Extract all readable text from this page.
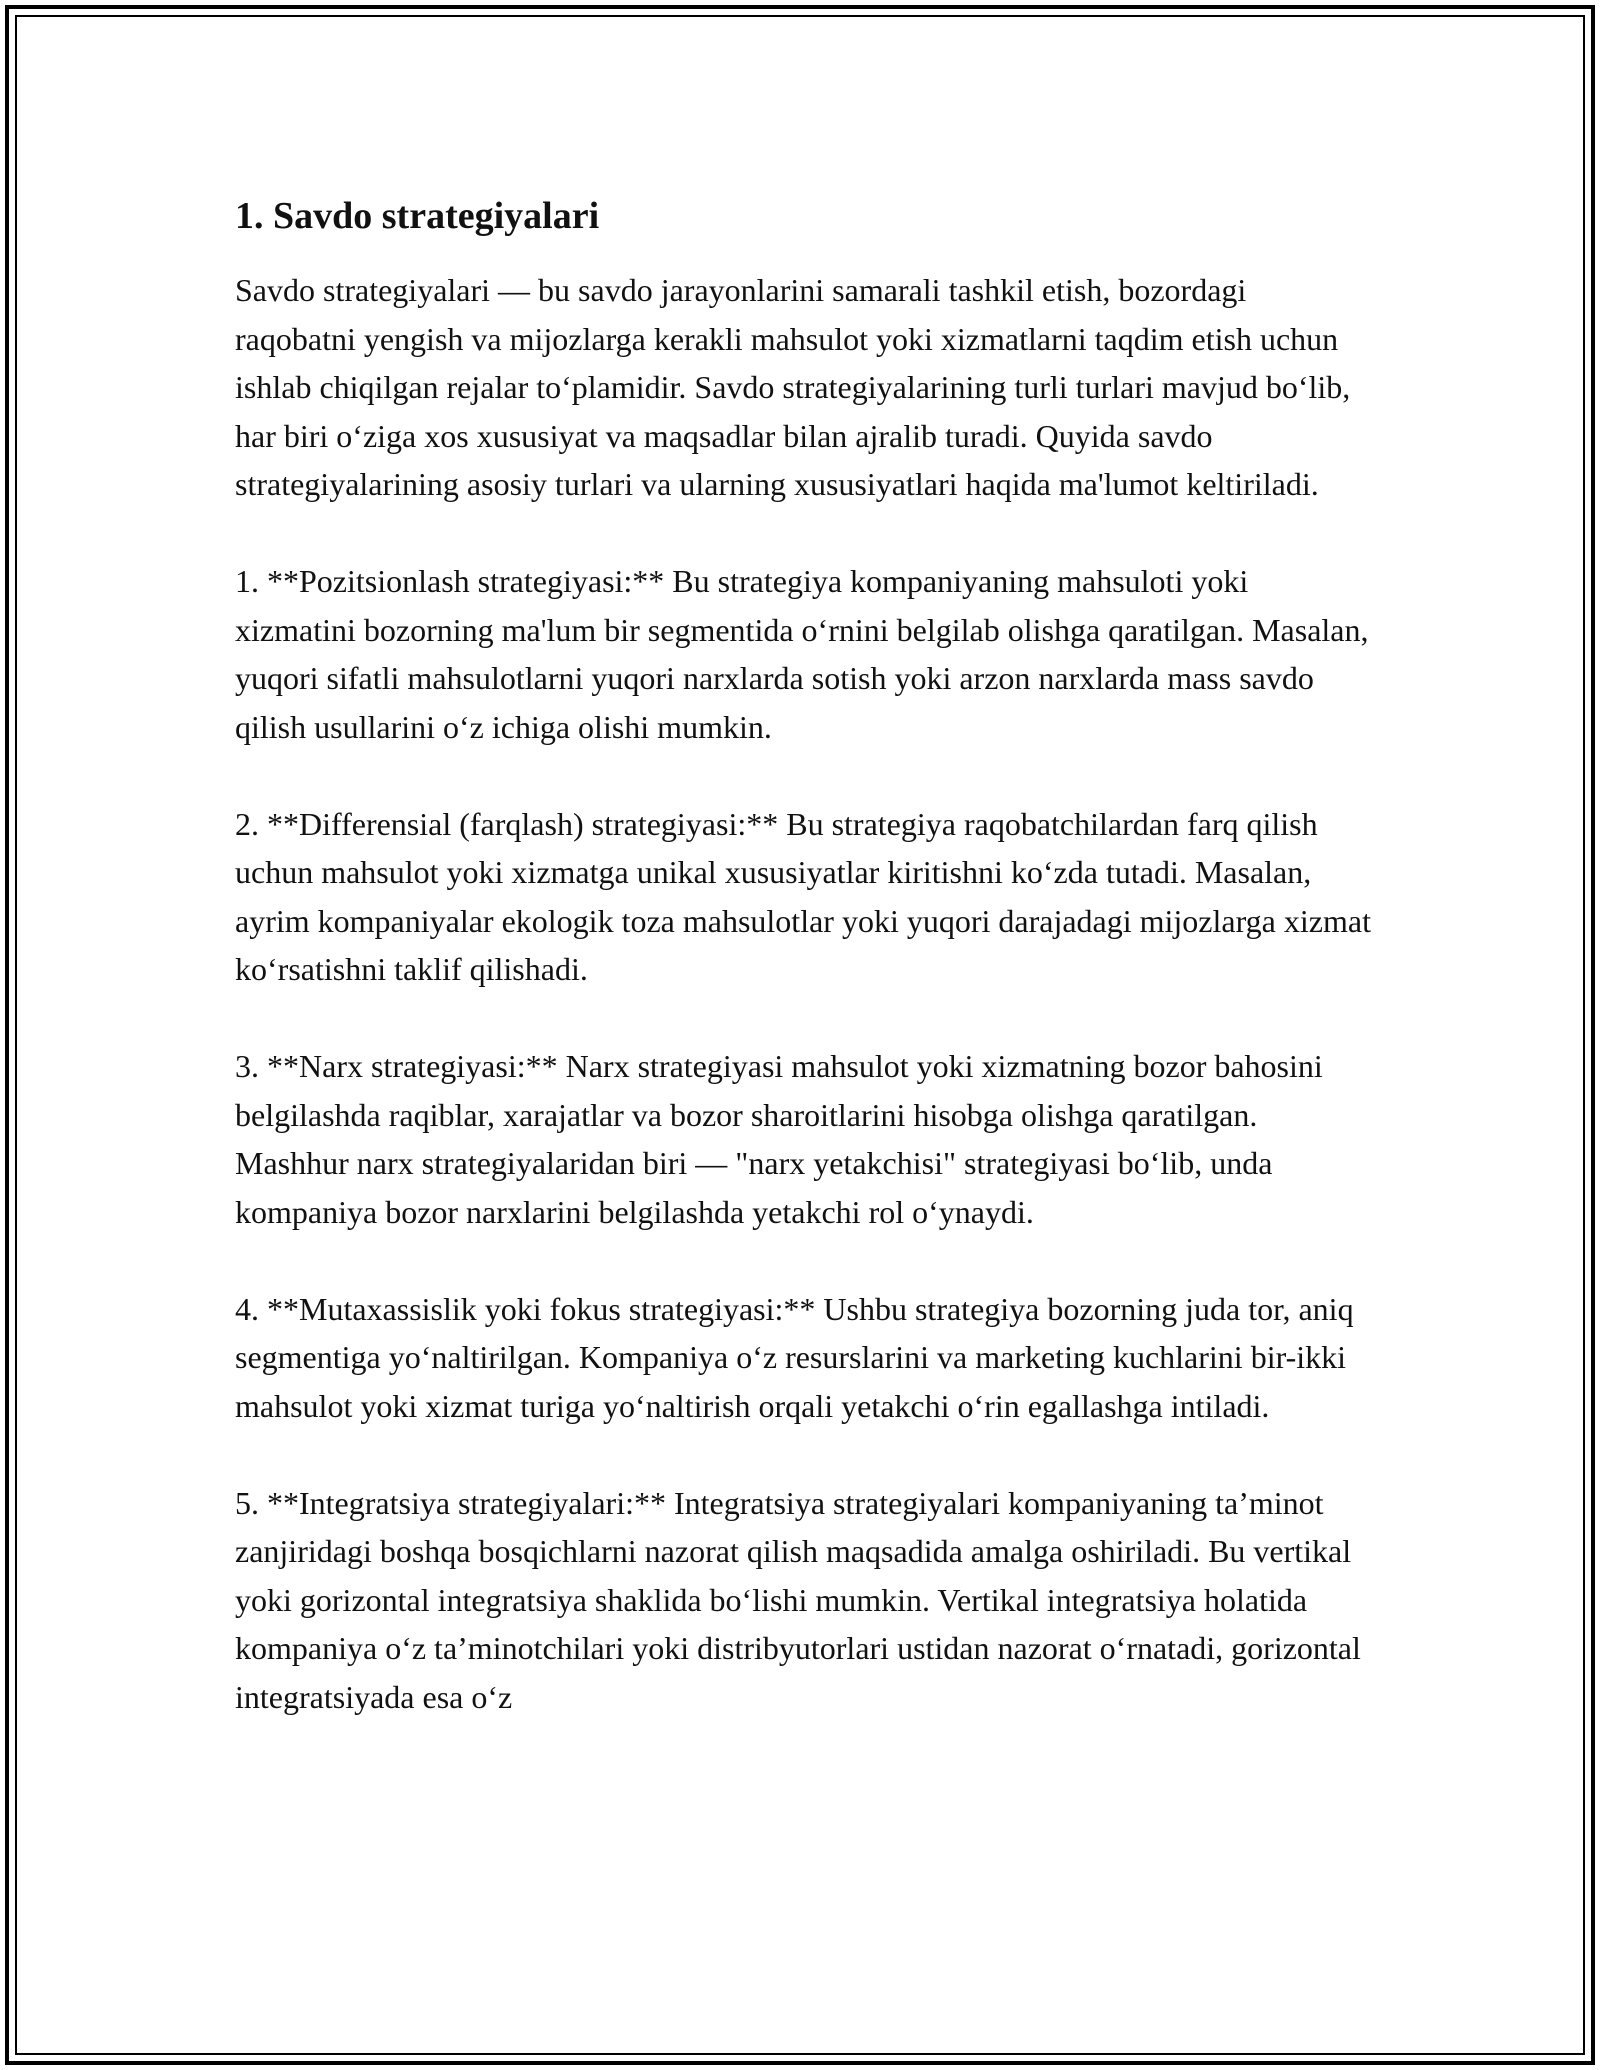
1. Savdo strategiyalari

Savdo strategiyalari — bu savdo jarayonlarini samarali tashkil etish, bozordagi raqobatni yengish va mijozlarga kerakli mahsulot yoki xizmatlarni taqdim etish uchun ishlab chiqilgan rejalar to‘plamidir. Savdo strategiyalarining turli turlari mavjud bo‘lib, har biri o‘ziga xos xususiyat va maqsadlar bilan ajralib turadi. Quyida savdo strategiyalarining asosiy turlari va ularning xususiyatlari haqida ma'lumot keltiriladi.

1. **Pozitsionlash strategiyasi:** Bu strategiya kompaniyaning mahsuloti yoki xizmatini bozorning ma'lum bir segmentida o‘rnini belgilab olishga qaratilgan. Masalan, yuqori sifatli mahsulotlarni yuqori narxlarda sotish yoki arzon narxlarda mass savdo qilish usullarini o‘z ichiga olishi mumkin.

2. **Differensial (farqlash) strategiyasi:** Bu strategiya raqobatchilardan farq qilish uchun mahsulot yoki xizmatga unikal xususiyatlar kiritishni ko‘zda tutadi. Masalan, ayrim kompaniyalar ekologik toza mahsulotlar yoki yuqori darajadagi mijozlarga xizmat ko‘rsatishni taklif qilishadi.

3. **Narx strategiyasi:** Narx strategiyasi mahsulot yoki xizmatning bozor bahosini belgilashda raqiblar, xarajatlar va bozor sharoitlarini hisobga olishga qaratilgan. Mashhur narx strategiyalaridan biri — "narx yetakchisi" strategiyasi bo‘lib, unda kompaniya bozor narxlarini belgilashda yetakchi rol o‘ynaydi.

4. **Mutaxassislik yoki fokus strategiyasi:** Ushbu strategiya bozorning juda tor, aniq segmentiga yo‘naltirilgan. Kompaniya o‘z resurslarini va marketing kuchlarini bir-ikki mahsulot yoki xizmat turiga yo‘naltirish orqali yetakchi o‘rin egallashga intiladi.

5. **Integratsiya strategiyalari:** Integratsiya strategiyalari kompaniyaning ta’minot zanjiridagi boshqa bosqichlarni nazorat qilish maqsadida amalga oshiriladi. Bu vertikal yoki gorizontal integratsiya shaklida bo‘lishi mumkin. Vertikal integratsiya holatida kompaniya o‘z ta’minotchilari yoki distribyutorlari ustidan nazorat o‘rnatadi, gorizontal integratsiyada esa o‘z
